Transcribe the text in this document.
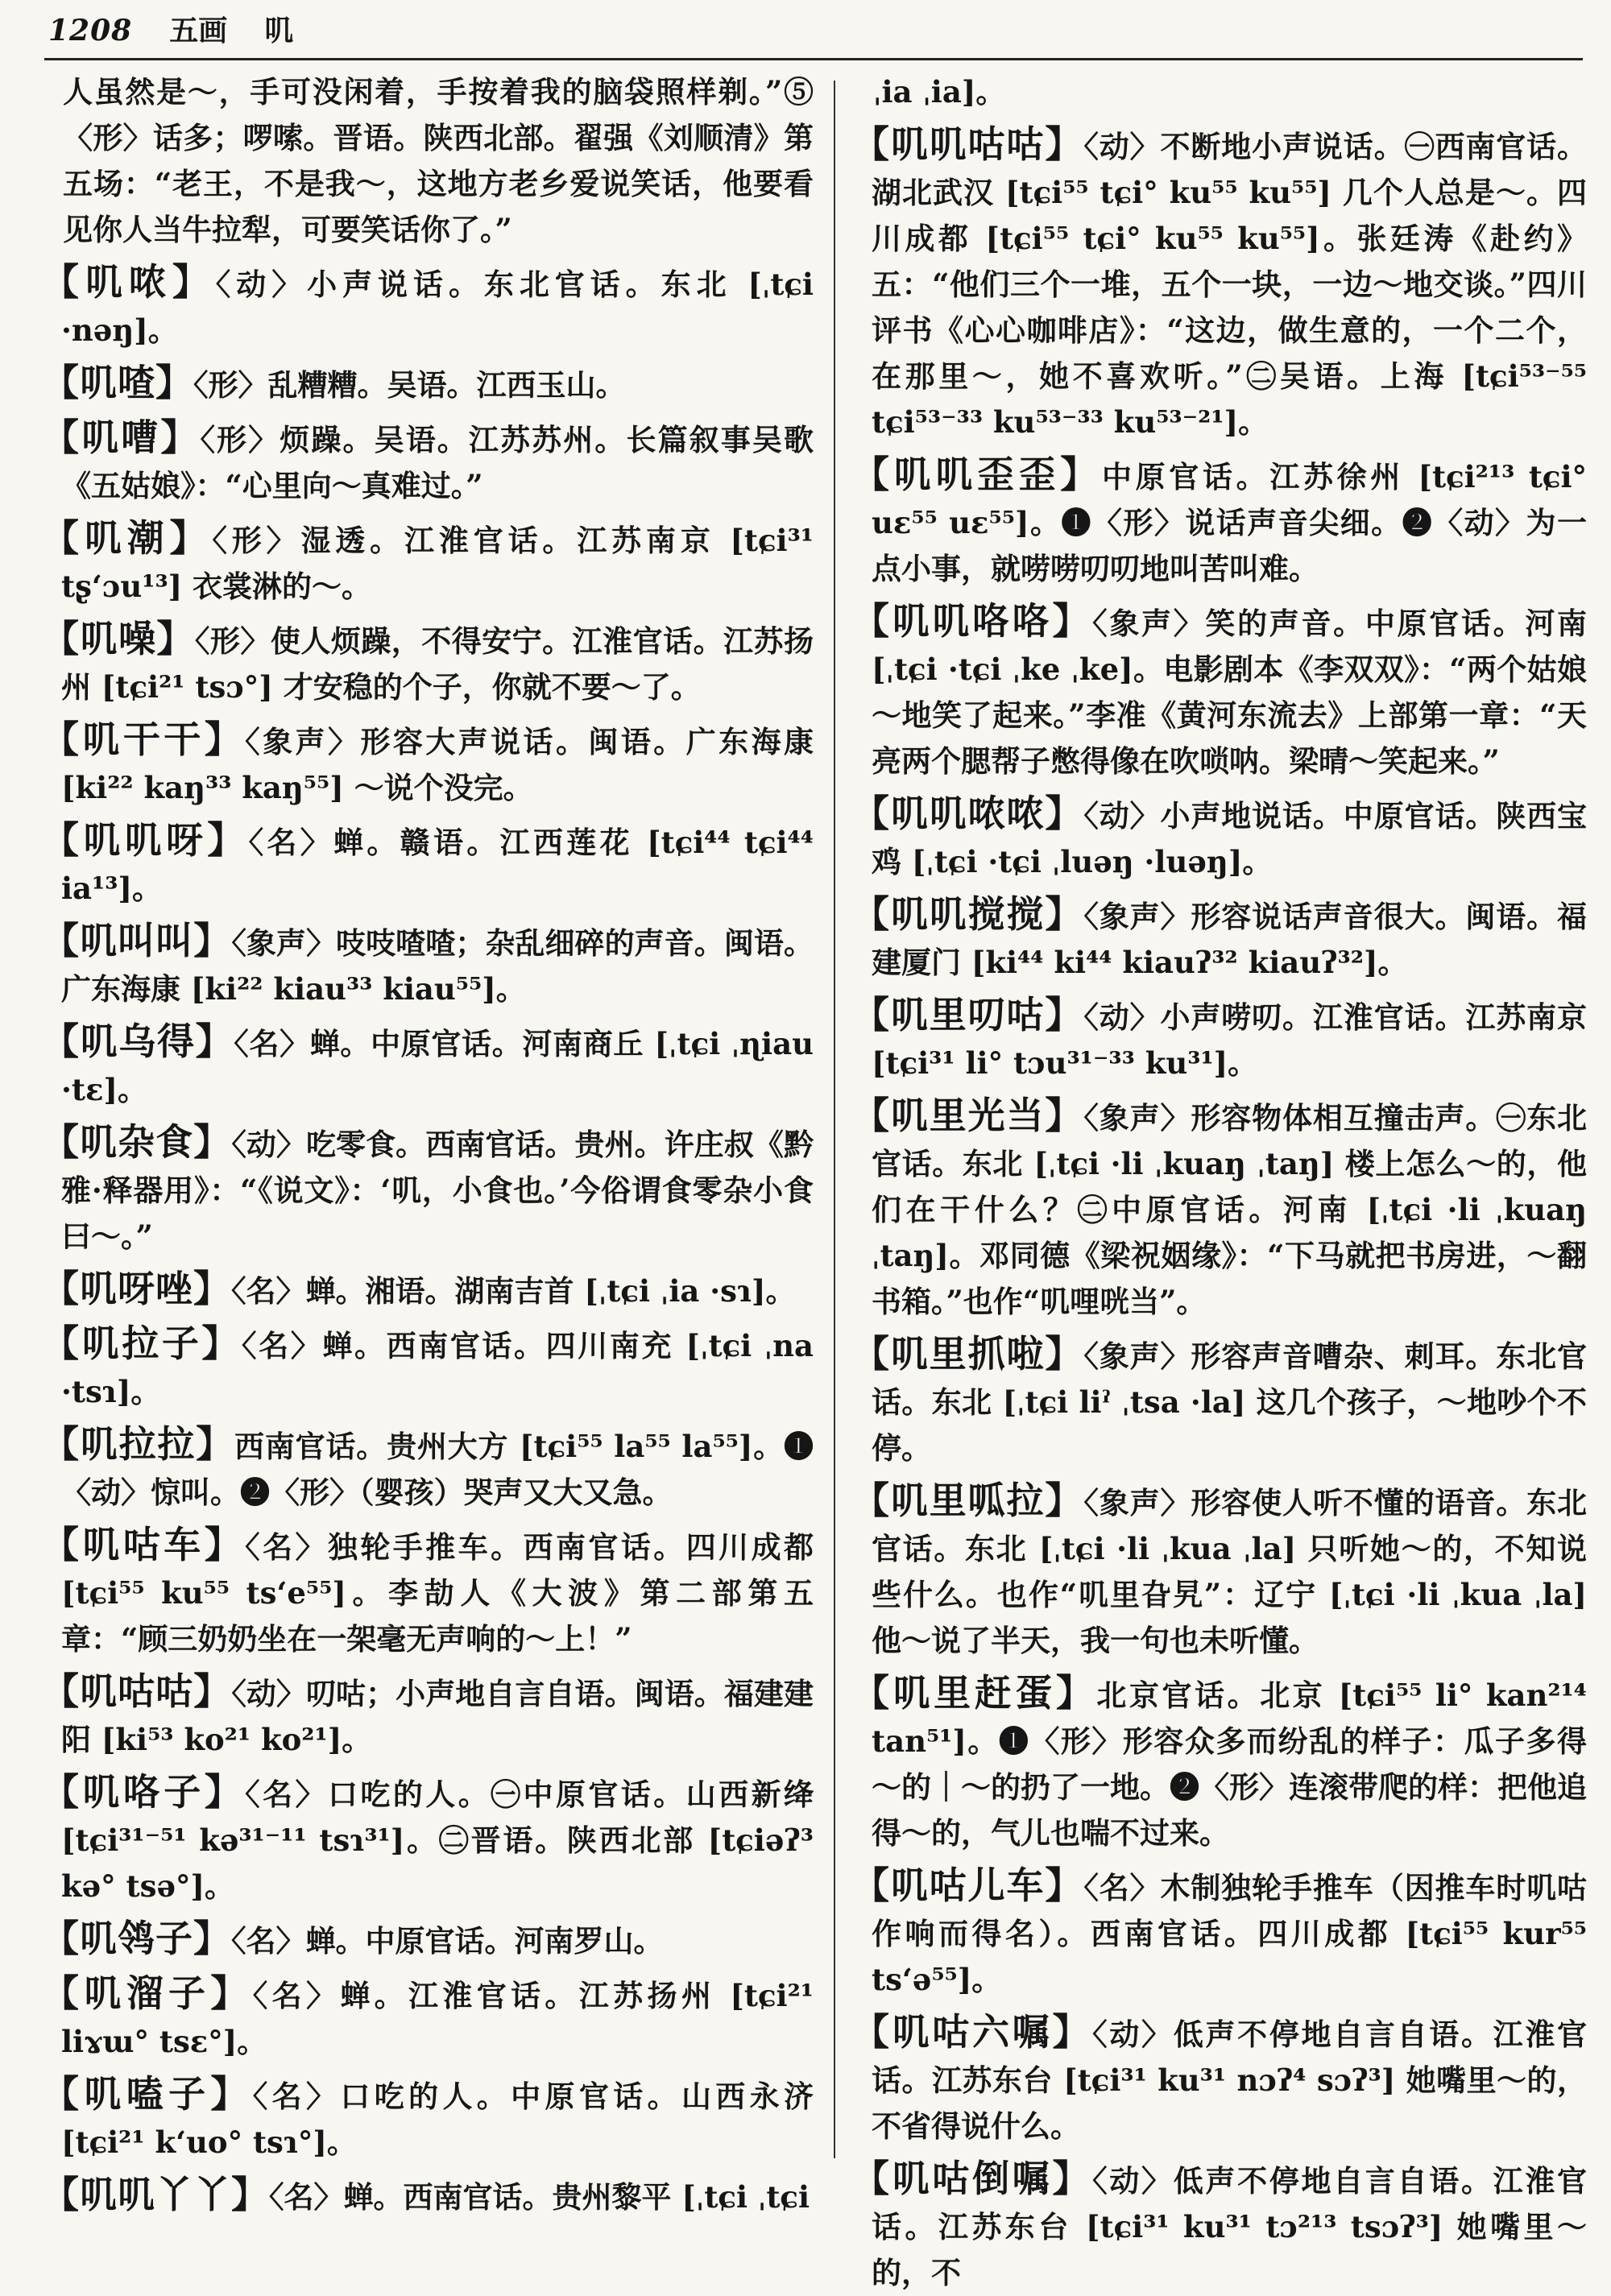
1208 五画 叽

人虽然是～，手可没闲着，手按着我的脑袋照样剃。”⑤〈形〉话多；啰嗦。晋语。陕西北部。翟强《刘顺清》第五场：“老王，不是我～，这地方老乡爱说笑话，他要看见你人当牛拉犁，可要笑话你了。”

【叽哝】〈动〉小声说话。东北官话。东北 [ˌtɕi ·nəŋ]。

【叽喳】〈形〉乱糟糟。吴语。江西玉山。

【叽嘈】〈形〉烦躁。吴语。江苏苏州。长篇叙事吴歌《五姑娘》：“心里向～真难过。”

【叽潮】〈形〉湿透。江淮官话。江苏南京 [tɕi³¹ tʂʻɔu¹³] 衣裳淋的～。

【叽噪】〈形〉使人烦躁，不得安宁。江淮官话。江苏扬州 [tɕi²¹ tsɔ°] 才安稳的个子，你就不要～了。

【叽干干】〈象声〉形容大声说话。闽语。广东海康 [ki²² kaŋ³³ kaŋ⁵⁵] ～说个没完。

【叽叽呀】〈名〉蝉。赣语。江西莲花 [tɕi⁴⁴ tɕi⁴⁴ ia¹³]。

【叽叫叫】〈象声〉吱吱喳喳；杂乱细碎的声音。闽语。广东海康 [ki²² kiau³³ kiau⁵⁵]。

【叽乌得】〈名〉蝉。中原官话。河南商丘 [ˌtɕi ˌɳiau ·tɛ]。

【叽杂食】〈动〉吃零食。西南官话。贵州。许庄叔《黔雅·释器用》：“《说文》：‘叽，小食也。’今俗谓食零杂小食曰～。”

【叽呀唑】〈名〉蝉。湘语。湖南吉首 [ˌtɕi ˌia ·sɿ]。

【叽拉子】〈名〉蝉。西南官话。四川南充 [ˌtɕi ˌna ·tsɿ]。

【叽拉拉】西南官话。贵州大方 [tɕi⁵⁵ la⁵⁵ la⁵⁵]。❶〈动〉惊叫。❷〈形〉（婴孩）哭声又大又急。

【叽咕车】〈名〉独轮手推车。西南官话。四川成都 [tɕi⁵⁵ ku⁵⁵ tsʻe⁵⁵]。李劼人《大波》第二部第五章：“顾三奶奶坐在一架毫无声响的～上！”

【叽咕咕】〈动〉叨咕；小声地自言自语。闽语。福建建阳 [ki⁵³ ko²¹ ko²¹]。

【叽咯子】〈名〉口吃的人。㊀中原官话。山西新绛 [tɕi³¹⁻⁵¹ kə³¹⁻¹¹ tsɿ³¹]。㊁晋语。陕西北部 [tɕiəʔ³ kə° tsə°]。

【叽鸰子】〈名〉蝉。中原官话。河南罗山。

【叽溜子】〈名〉蝉。江淮官话。江苏扬州 [tɕi²¹ liɤɯ° tsɛ°]。

【叽嗑子】〈名〉口吃的人。中原官话。山西永济 [tɕi²¹ kʻuo° tsɿ°]。

【叽叽丫丫】〈名〉蝉。西南官话。贵州黎平 [ˌtɕi ˌtɕi

ˌia ˌia]。

【叽叽咕咕】〈动〉不断地小声说话。㊀西南官话。湖北武汉 [tɕi⁵⁵ tɕi° ku⁵⁵ ku⁵⁵] 几个人总是～。四川成都 [tɕi⁵⁵ tɕi° ku⁵⁵ ku⁵⁵]。张廷涛《赴约》五：“他们三个一堆，五个一块，一边～地交谈。”四川评书《心心咖啡店》：“这边，做生意的，一个二个，在那里～，她不喜欢听。”㊁吴语。上海 [tɕi⁵³⁻⁵⁵ tɕi⁵³⁻³³ ku⁵³⁻³³ ku⁵³⁻²¹]。

【叽叽歪歪】中原官话。江苏徐州 [tɕi²¹³ tɕi° uɛ⁵⁵ uɛ⁵⁵]。❶〈形〉说话声音尖细。❷〈动〉为一点小事，就唠唠叨叨地叫苦叫难。

【叽叽咯咯】〈象声〉笑的声音。中原官话。河南 [ˌtɕi ·tɕi ˌke ˌke]。电影剧本《李双双》：“两个姑娘～地笑了起来。”李准《黄河东流去》上部第一章：“天亮两个腮帮子憋得像在吹唢呐。梁晴～笑起来。”

【叽叽哝哝】〈动〉小声地说话。中原官话。陕西宝鸡 [ˌtɕi ·tɕi ˌluəŋ ·luəŋ]。

【叽叽搅搅】〈象声〉形容说话声音很大。闽语。福建厦门 [ki⁴⁴ ki⁴⁴ kiauʔ³² kiauʔ³²]。

【叽里叨咕】〈动〉小声唠叨。江淮官话。江苏南京 [tɕi³¹ li° tɔu³¹⁻³³ ku³¹]。

【叽里光当】〈象声〉形容物体相互撞击声。㊀东北官话。东北 [ˌtɕi ·li ˌkuaŋ ˌtaŋ] 楼上怎么～的，他们在干什么？㊁中原官话。河南 [ˌtɕi ·li ˌkuaŋ ˌtaŋ]。邓同德《梁祝姻缘》：“下马就把书房进，～翻书箱。”也作“叽哩咣当”。

【叽里抓啦】〈象声〉形容声音嘈杂、刺耳。东北官话。东北 [ˌtɕi liˀ ˌtsa ·la] 这几个孩子，～地吵个不停。

【叽里呱拉】〈象声〉形容使人听不懂的语音。东北官话。东北 [ˌtɕi ·li ˌkua ˌla] 只听她～的，不知说些什么。也作“叽里旮旯”：辽宁 [ˌtɕi ·li ˌkua ˌla] 他～说了半天，我一句也未听懂。

【叽里赶蛋】北京官话。北京 [tɕi⁵⁵ li° kan²¹⁴ tan⁵¹]。❶〈形〉形容众多而纷乱的样子：瓜子多得～的｜～的扔了一地。❷〈形〉连滚带爬的样：把他追得～的，气儿也喘不过来。

【叽咕儿车】〈名〉木制独轮手推车（因推车时叽咕作响而得名）。西南官话。四川成都 [tɕi⁵⁵ kur⁵⁵ tsʻə⁵⁵]。

【叽咕六嘱】〈动〉低声不停地自言自语。江淮官话。江苏东台 [tɕi³¹ ku³¹ nɔʔ⁴ sɔʔ³] 她嘴里～的，不省得说什么。

【叽咕倒嘱】〈动〉低声不停地自言自语。江淮官话。江苏东台 [tɕi³¹ ku³¹ tɔ²¹³ tsɔʔ³] 她嘴里～的，不
